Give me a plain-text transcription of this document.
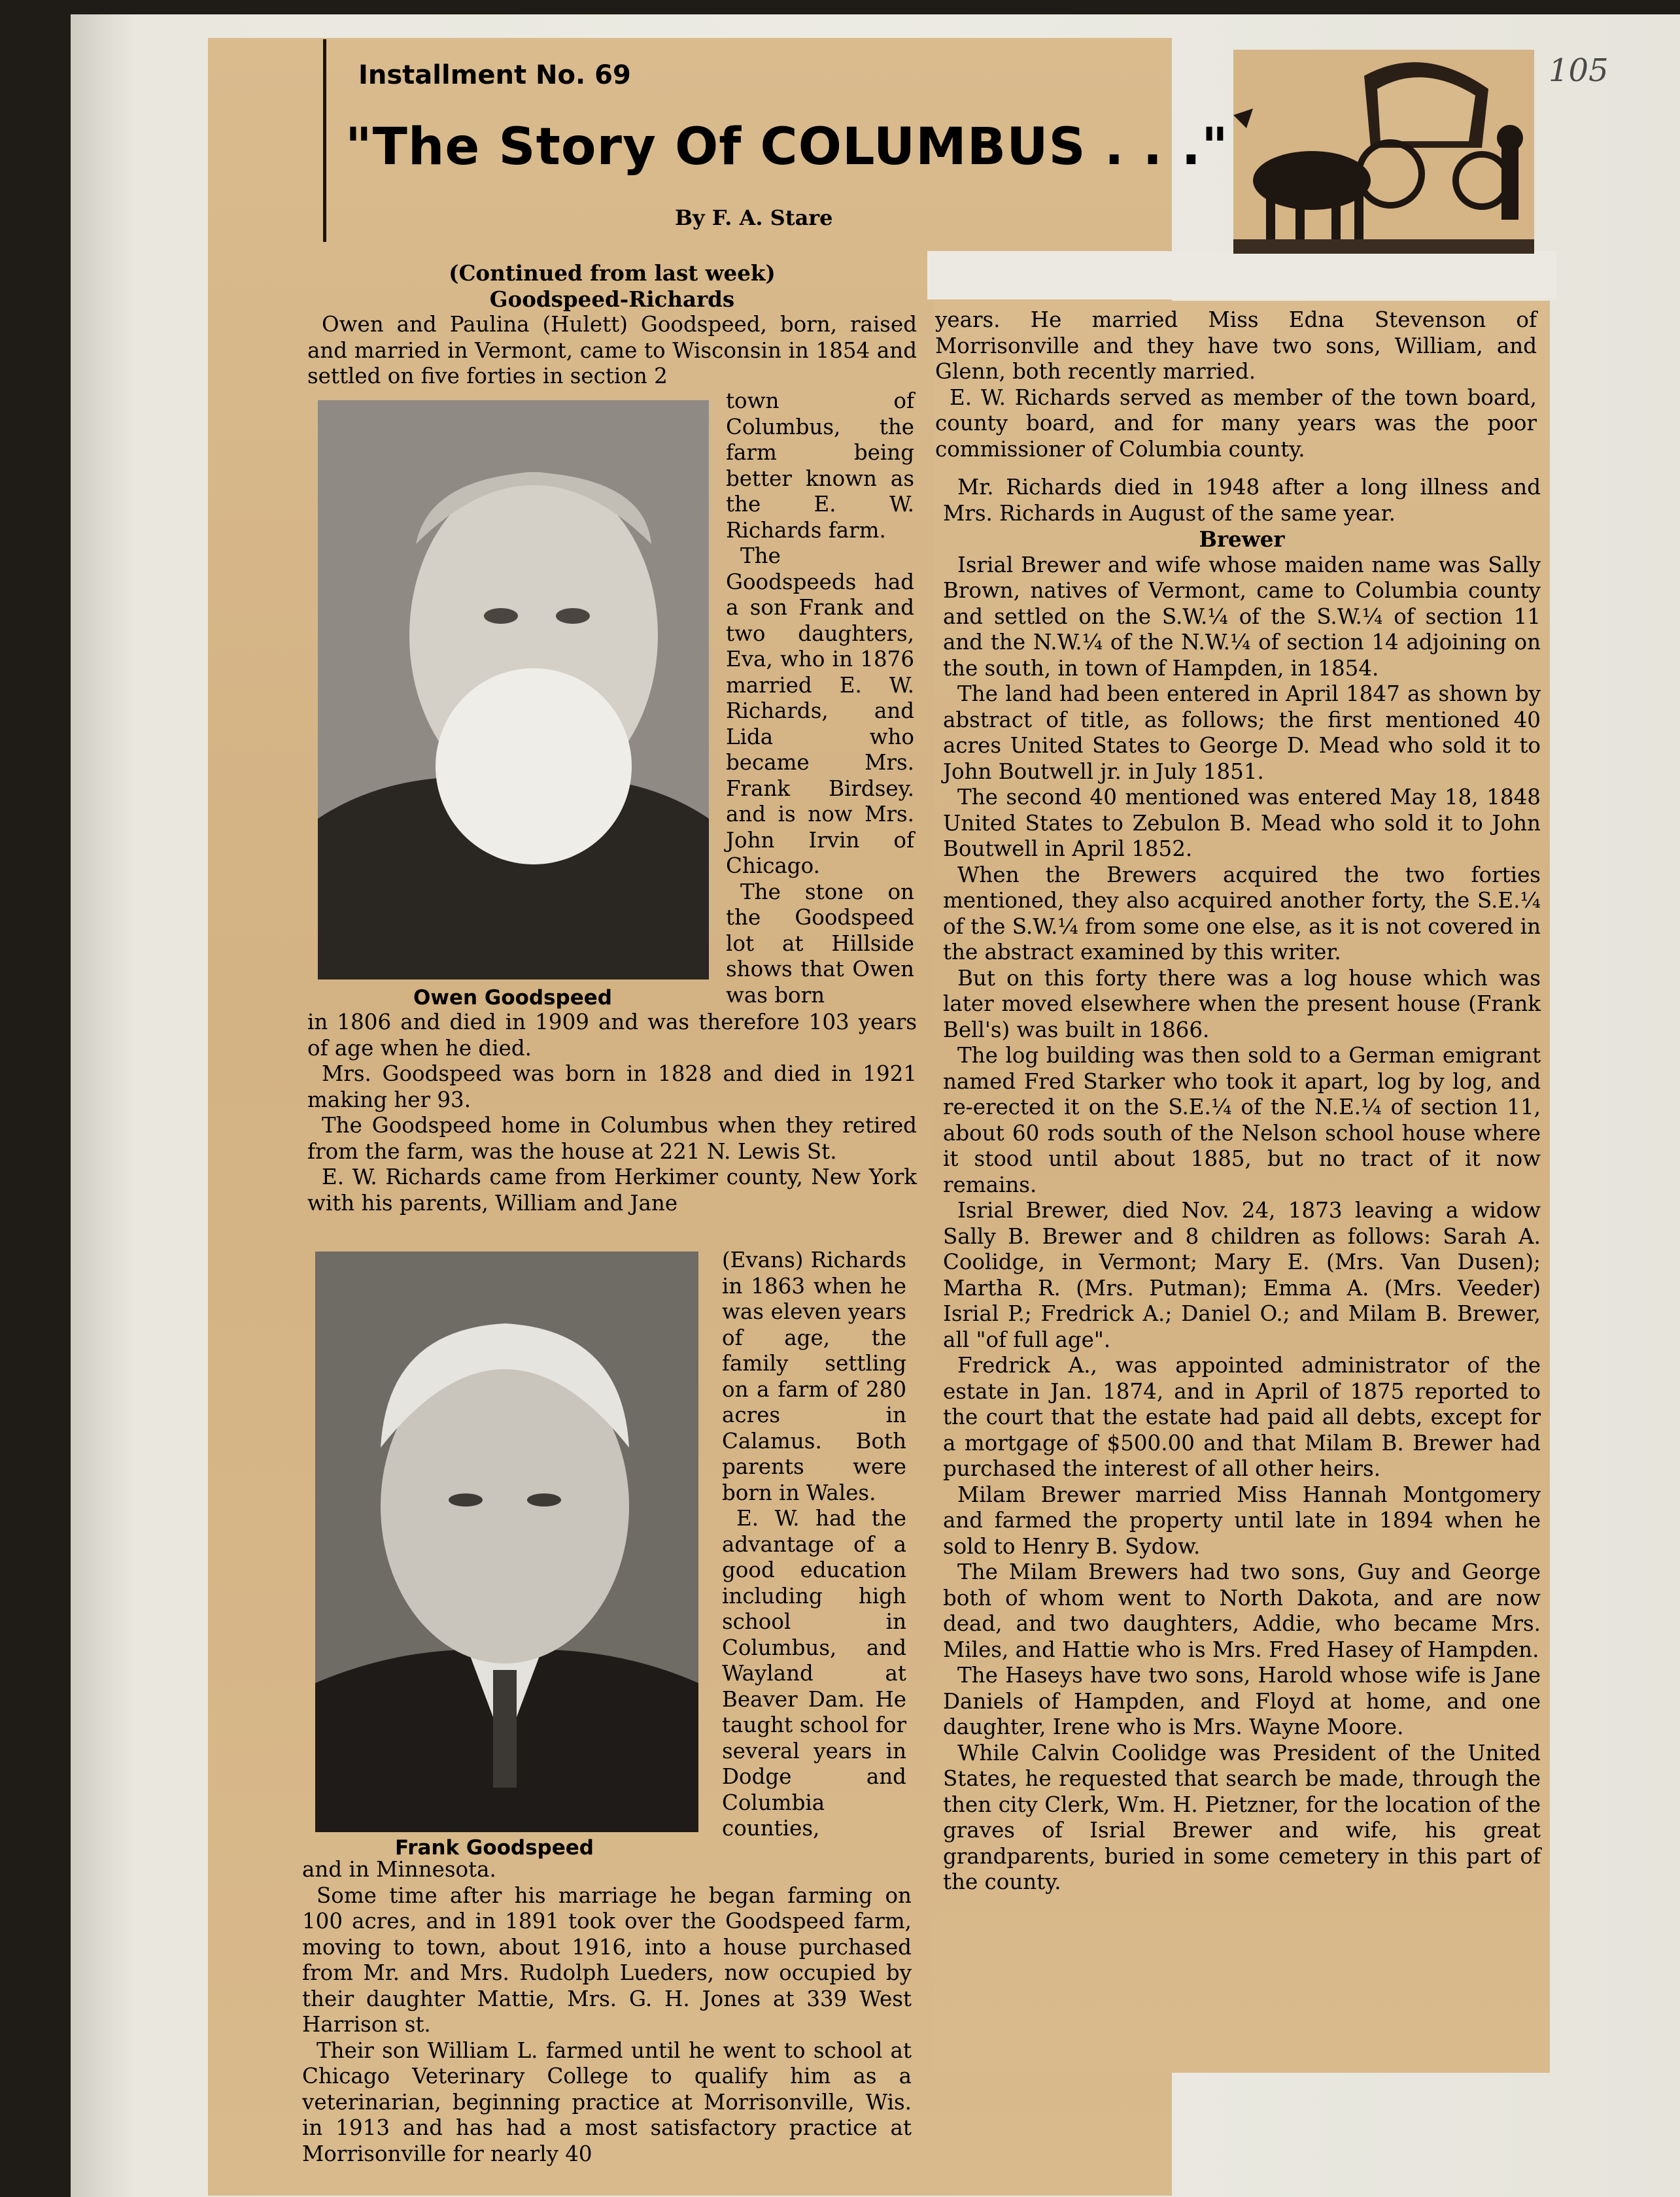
105
Installment No. 69
"The Story Of COLUMBUS . . ."
By F. A. Stare
Owen Goodspeed
Frank Goodspeed

(Continued from last week)

Goodspeed-Richards

Owen and Paulina (Hulett) Goodspeed, born, raised and married in Vermont, came to Wisconsin in 1854 and settled on five forties in section 2

town of Columbus, the farm being better known as the E. W. Richards farm.

The Goodspeeds had a son Frank and two daughters, Eva, who in 1876 married E. W. Richards, and Lida who became Mrs. Frank Birdsey. and is now Mrs. John Irvin of Chicago.

The stone on the Goodspeed lot at Hillside shows that Owen was born

in 1806 and died in 1909 and was therefore 103 years of age when he died.

Mrs. Goodspeed was born in 1828 and died in 1921 making her 93.

The Goodspeed home in Columbus when they retired from the farm, was the house at 221 N. Lewis St.

E. W. Richards came from Herkimer county, New York with his parents, William and Jane

(Evans) Richards in 1863 when he was eleven years of age, the family settling on a farm of 280 acres in Calamus. Both parents were born in Wales.

E. W. had the advantage of a good education including high school in Columbus, and Wayland at Beaver Dam. He taught school for several years in Dodge and Columbia counties,

and in Minnesota.

Some time after his marriage he began farming on 100 acres, and in 1891 took over the Goodspeed farm, moving to town, about 1916, into a house purchased from Mr. and Mrs. Rudolph Lueders, now occupied by their daughter Mattie, Mrs. G. H. Jones at 339 West Harrison st.

Their son William L. farmed until he went to school at Chicago Veterinary College to qualify him as a veterinarian, beginning practice at Morrisonville, Wis. in 1913 and has had a most satisfactory practice at Morrisonville for nearly 40

years. He married Miss Edna Stevenson of Morrisonville and they have two sons, William, and Glenn, both recently married.

E. W. Richards served as member of the town board, county board, and for many years was the poor commissioner of Columbia county.

Mr. Richards died in 1948 after a long illness and Mrs. Richards in August of the same year.

Brewer

Isrial Brewer and wife whose maiden name was Sally Brown, natives of Vermont, came to Columbia county and settled on the S.W.¼ of the S.W.¼ of section 11 and the N.W.¼ of the N.W.¼ of section 14 adjoining on the south, in town of Hampden, in 1854.

The land had been entered in April 1847 as shown by abstract of title, as follows; the first mentioned 40 acres United States to George D. Mead who sold it to John Boutwell jr. in July 1851.

The second 40 mentioned was entered May 18, 1848 United States to Zebulon B. Mead who sold it to John Boutwell in April 1852.

When the Brewers acquired the two forties mentioned, they also acquired another forty, the S.E.¼ of the S.W.¼ from some one else, as it is not covered in the abstract examined by this writer.

But on this forty there was a log house which was later moved elsewhere when the present house (Frank Bell's) was built in 1866.

The log building was then sold to a German emigrant named Fred Starker who took it apart, log by log, and re-erected it on the S.E.¼ of the N.E.¼ of section 11, about 60 rods south of the Nelson school house where it stood until about 1885, but no tract of it now remains.

Isrial Brewer, died Nov. 24, 1873 leaving a widow Sally B. Brewer and 8 children as follows: Sarah A. Coolidge, in Vermont; Mary E. (Mrs. Van Dusen); Martha R. (Mrs. Putman); Emma A. (Mrs. Veeder) Isrial P.; Fredrick A.; Daniel O.; and Milam B. Brewer, all "of full age".

Fredrick A., was appointed administrator of the estate in Jan. 1874, and in April of 1875 reported to the court that the estate had paid all debts, except for a mortgage of $500.00 and that Milam B. Brewer had purchased the interest of all other heirs.

Milam Brewer married Miss Hannah Montgomery and farmed the property until late in 1894 when he sold to Henry B. Sydow.

The Milam Brewers had two sons, Guy and George both of whom went to North Dakota, and are now dead, and two daughters, Addie, who became Mrs. Miles, and Hattie who is Mrs. Fred Hasey of Hampden.

The Haseys have two sons, Harold whose wife is Jane Daniels of Hampden, and Floyd at home, and one daughter, Irene who is Mrs. Wayne Moore.

While Calvin Coolidge was President of the United States, he requested that search be made, through the then city Clerk, Wm. H. Pietzner, for the location of the graves of Isrial Brewer and wife, his great grandparents, buried in some cemetery in this part of the county.
